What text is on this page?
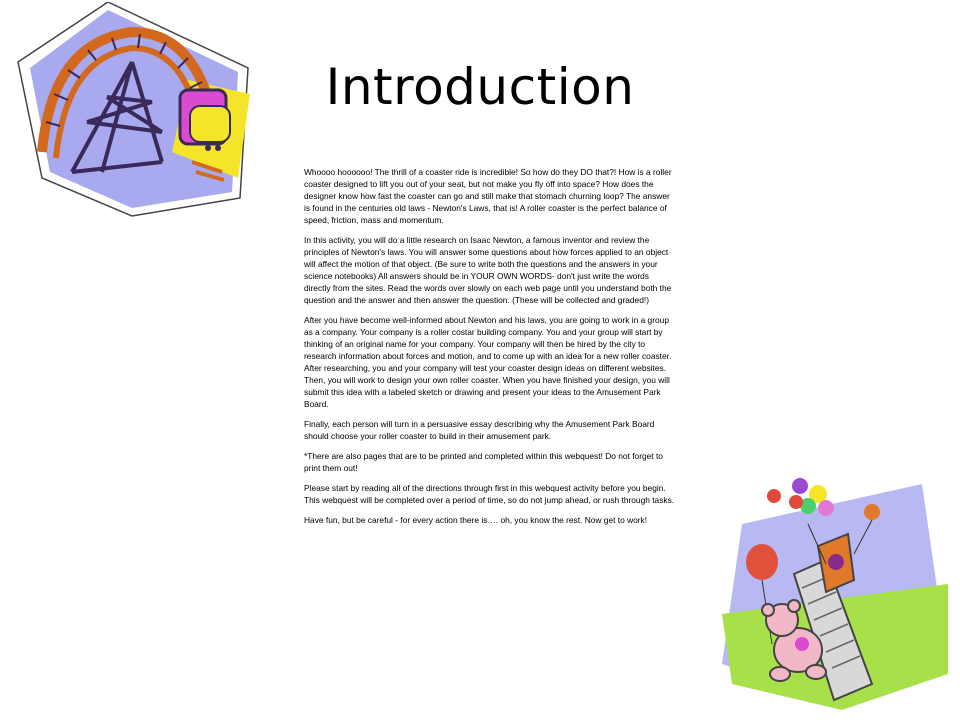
Introduction

Whoooo hoooooo! The thrill of a coaster ride is incredible! So how do they DO that?! How is a roller coaster designed to lift you out of your seat, but not make you fly off into space? How does the designer know how fast the coaster can go and still make that stomach churning loop? The answer is found in the centuries old laws - Newton's Laws, that is! A roller coaster is the perfect balance of speed, friction, mass and momentum.

In this activity, you will do a little research on Isaac Newton, a famous inventor and review the principles of Newton's laws. You will answer some questions about how forces applied to an object will affect the motion of that object. (Be sure to write both the questions and the answers in your science notebooks) All answers should be in YOUR OWN WORDS- don't just write the words directly from the sites. Read the words over slowly on each web page until you understand both the question and the answer and then answer the question. (These will be collected and graded!)

After you have become well-informed about Newton and his laws, you are going to work in a group as a company. Your company is a roller costar building company. You and your group will start by thinking of an original name for your company. Your company will then be hired by the city to research information about forces and motion, and to come up with an idea for a new roller coaster. After researching, you and your company will test your coaster design ideas on different websites. Then, you will work to design your own roller coaster. When you have finished your design, you will submit this idea with a labeled sketch or drawing and present your ideas to the Amusement Park Board.

Finally, each person will turn in a persuasive essay describing why the Amusement Park Board should choose your roller coaster to build in their amusement park.

*There are also pages that are to be printed and completed within this webquest! Do not forget to print them out!

Please start by reading all of the directions through first in this webquest activity before you begin. This webquest will be completed over a period of time, so do not jump ahead, or rush through tasks.

Have fun, but be careful - for every action there is…. oh, you know the rest. Now get to work!
